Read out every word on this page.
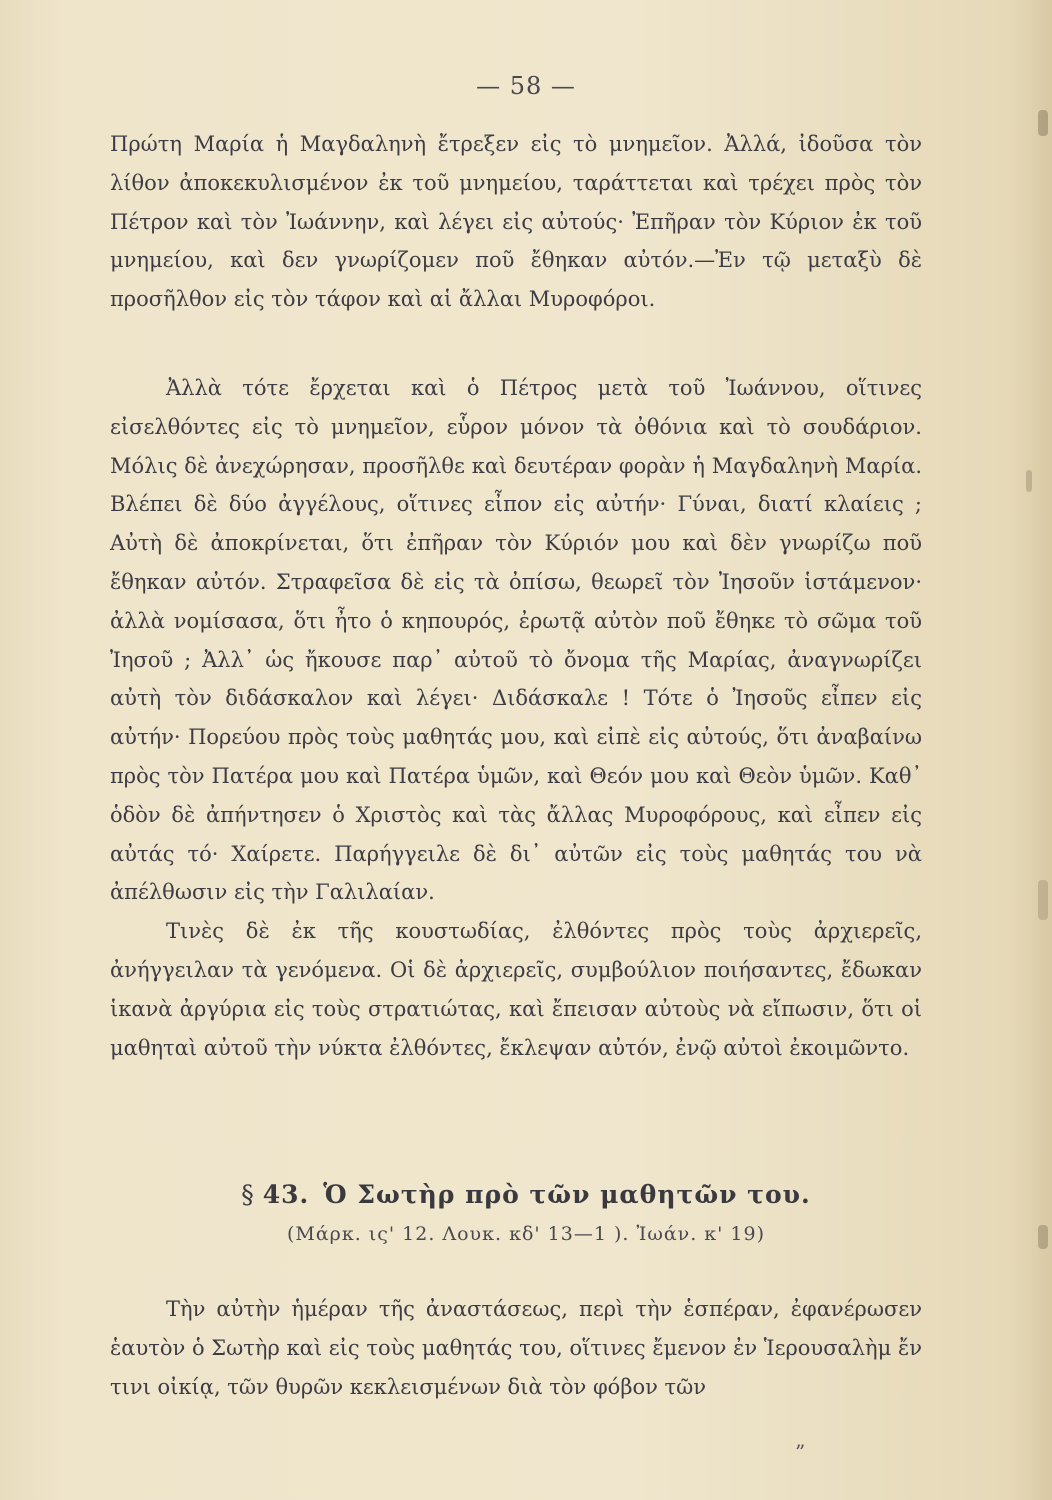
— 58 —

Πρώτη Μαρία ἡ Μαγδαληνὴ ἔτρεξεν εἰς τὸ μνημεῖον. Ἀλλά, ἰδοῦσα τὸν λίθον ἀποκεκυλισμένον ἐκ τοῦ μνημείου, ταράττεται καὶ τρέχει πρὸς τὸν Πέτρον καὶ τὸν Ἰωάννην, καὶ λέγει εἰς αὐτούς· Ἐπῆραν τὸν Κύριον ἐκ τοῦ μνημείου, καὶ δεν γνωρίζομεν ποῦ ἔθηκαν αὐτόν.—Ἐν τῷ μεταξὺ δὲ προσῆλθον εἰς τὸν τάφον καὶ αἱ ἄλλαι Μυροφόροι.

Ἀλλὰ τότε ἔρχεται καὶ ὁ Πέτρος μετὰ τοῦ Ἰωάννου, οἵτινες εἰσελθόντες εἰς τὸ μνημεῖον, εὗρον μόνον τὰ ὀθόνια καὶ τὸ σουδάριον. Μόλις δὲ ἀνεχώρησαν, προσῆλθε καὶ δευτέραν φορὰν ἡ Μαγδαληνὴ Μαρία. Βλέπει δὲ δύο ἀγγέλους, οἵτινες εἶπον εἰς αὐτήν· Γύναι, διατί κλαίεις ; Αὐτὴ δὲ ἀποκρίνεται, ὅτι ἐπῆραν τὸν Κύριόν μου καὶ δὲν γνωρίζω ποῦ ἔθηκαν αὐτόν. Στραφεῖσα δὲ εἰς τὰ ὀπίσω, θεωρεῖ τὸν Ἰησοῦν ἱστάμενον· ἀλλὰ νομίσασα, ὅτι ἦτο ὁ κηπουρός, ἐρωτᾷ αὐτὸν ποῦ ἔθηκε τὸ σῶμα τοῦ Ἰησοῦ ; Ἀλλ᾽ ὡς ἤκουσε παρ᾽ αὐτοῦ τὸ ὄνομα τῆς Μαρίας, ἀναγνωρίζει αὐτὴ τὸν διδάσκαλον καὶ λέγει· Διδάσκαλε ! Τότε ὁ Ἰησοῦς εἶπεν εἰς αὐτήν· Πορεύου πρὸς τοὺς μαθητάς μου, καὶ εἰπὲ εἰς αὐτούς, ὅτι ἀναβαίνω πρὸς τὸν Πατέρα μου καὶ Πατέρα ὑμῶν, καὶ Θεόν μου καὶ Θεὸν ὑμῶν. Καθ᾽ ὁδὸν δὲ ἀπήντησεν ὁ Χριστὸς καὶ τὰς ἄλλας Μυροφόρους, καὶ εἶπεν εἰς αὐτάς τό· Χαίρετε. Παρήγγειλε δὲ δι᾽ αὐτῶν εἰς τοὺς μαθητάς του νὰ ἀπέλθωσιν εἰς τὴν Γαλιλαίαν.

Τινὲς δὲ ἐκ τῆς κουστωδίας, ἐλθόντες πρὸς τοὺς ἀρχιερεῖς, ἀνήγγειλαν τὰ γενόμενα. Οἱ δὲ ἀρχιερεῖς, συμβούλιον ποιήσαντες, ἔδωκαν ἱκανὰ ἀργύρια εἰς τοὺς στρατιώτας, καὶ ἔπεισαν αὐτοὺς νὰ εἴπωσιν, ὅτι οἱ μαθηταὶ αὐτοῦ τὴν νύκτα ἐλθόντες, ἔκλεψαν αὐτόν, ἐνῷ αὐτοὶ ἐκοιμῶντο.

§ 43. Ὁ Σωτὴρ πρὸ τῶν μαθητῶν του.
(Μάρκ. ις' 12. Λουκ. κδ' 13—1 ). Ἰωάν. κ' 19)

Τὴν αὐτὴν ἡμέραν τῆς ἀναστάσεως, περὶ τὴν ἑσπέραν, ἐφανέρωσεν ἑαυτὸν ὁ Σωτὴρ καὶ εἰς τοὺς μαθητάς του, οἵτινες ἔμενον ἐν Ἱερουσαλὴμ ἔν τινι οἰκίᾳ, τῶν θυρῶν κεκλεισμένων διὰ τὸν φόβον τῶν

”
